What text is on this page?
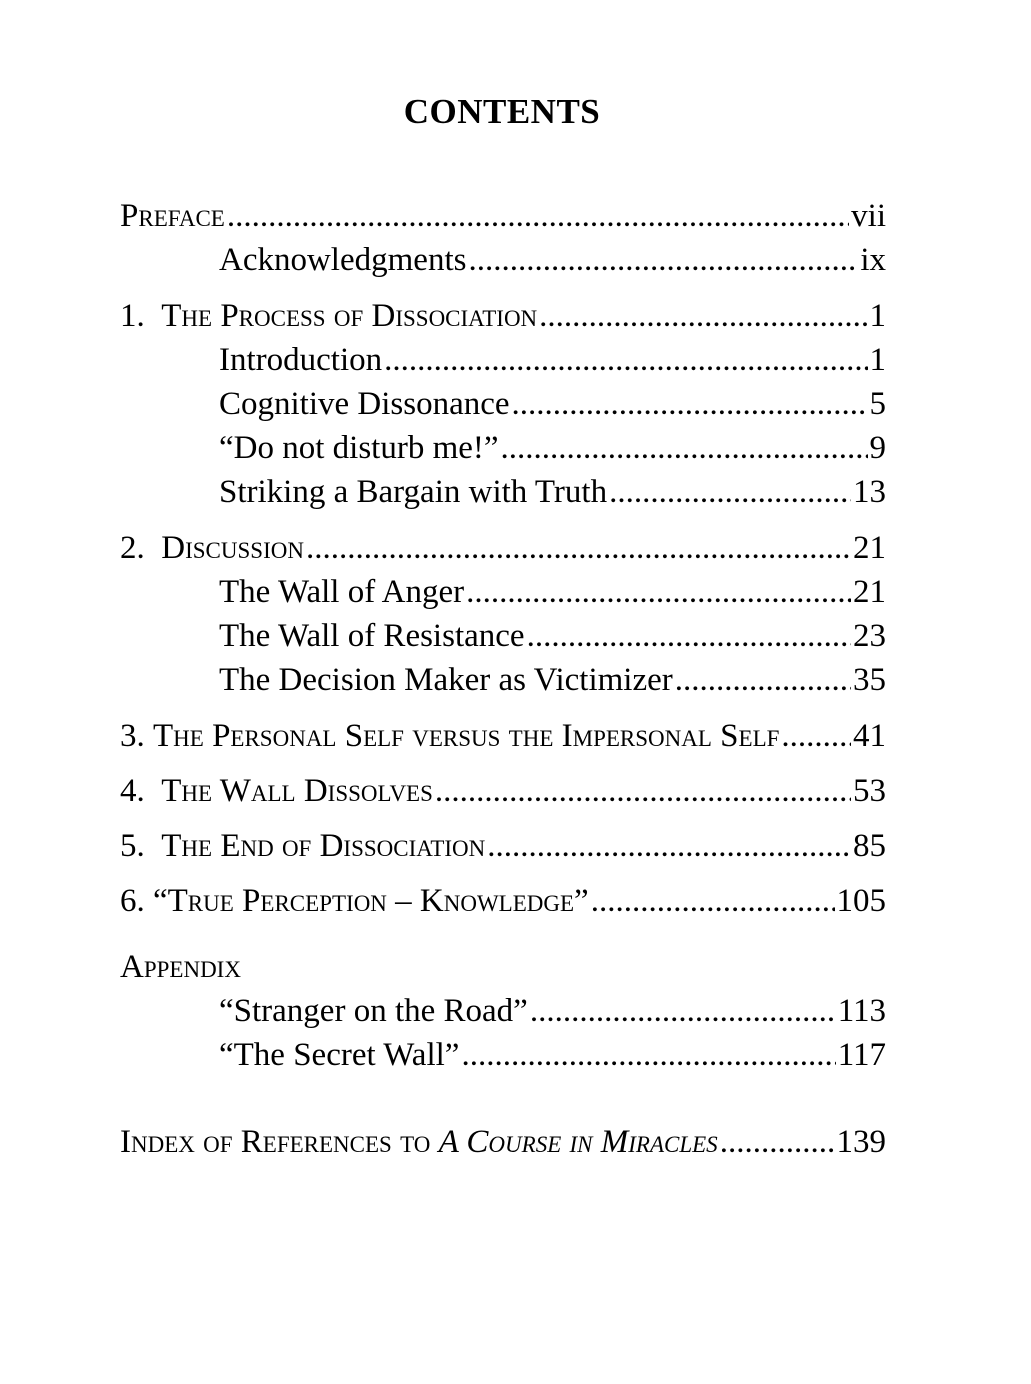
CONTENTS
Preface .....	vii
Acknowledgments .....	ix
1. The Process of Dissociation .....	1
Introduction .....	1
Cognitive Dissonance .....	5
“Do not disturb me!” .....	9
Striking a Bargain with Truth .....	13
2. Discussion .....	21
The Wall of Anger .....	21
The Wall of Resistance .....	23
The Decision Maker as Victimizer .....	35
3. The Personal Self versus the Impersonal Self ..... 41
4. The Wall Dissolves .....	53
5. The End of Dissociation .....	85
6. “True Perception – Knowledge” .....	105
Appendix
“Stranger on the Road” .....	113
“The Secret Wall” .....	117
Index of References to A Course in Miracles .....	139
